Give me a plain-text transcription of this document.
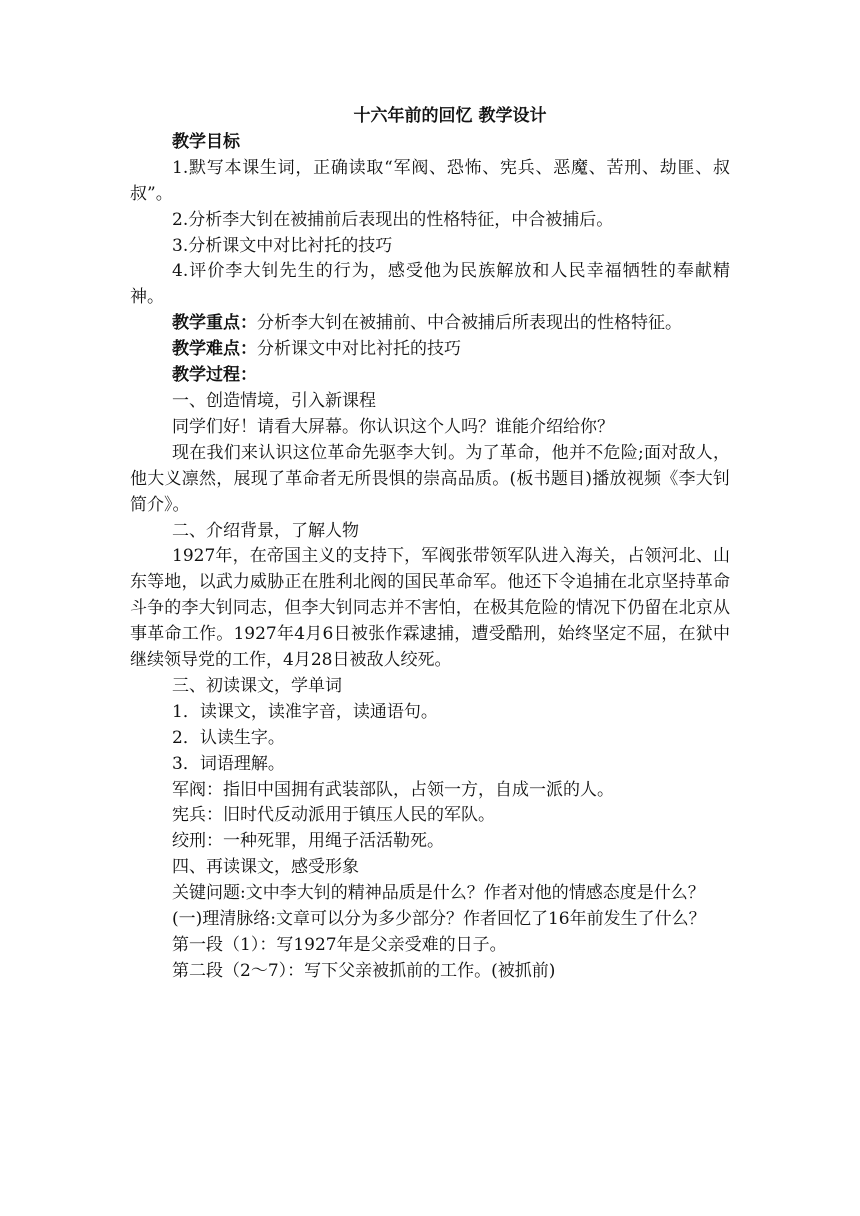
十六年前的回忆 教学设计

教学目标

1.默写本课生词，正确读取“军阀、恐怖、宪兵、恶魔、苦刑、劫匪、叔叔”。

2.分析李大钊在被捕前后表现出的性格特征，中合被捕后。

3.分析课文中对比衬托的技巧

4.评价李大钊先生的行为，感受他为民族解放和人民幸福牺牲的奉献精神。

教学重点：分析李大钊在被捕前、中合被捕后所表现出的性格特征。

教学难点：分析课文中对比衬托的技巧

教学过程：

一、创造情境，引入新课程

同学们好！请看大屏幕。你认识这个人吗？谁能介绍给你？

现在我们来认识这位革命先驱李大钊。为了革命，他并不危险;面对敌人，他大义凛然，展现了革命者无所畏惧的崇高品质。(板书题目)播放视频《李大钊简介》。

二、介绍背景，了解人物

1927年，在帝国主义的支持下，军阀张带领军队进入海关，占领河北、山东等地，以武力威胁正在胜利北阀的国民革命军。他还下令追捕在北京坚持革命斗争的李大钊同志，但李大钊同志并不害怕，在极其危险的情况下仍留在北京从事革命工作。1927年4月6日被张作霖逮捕，遭受酷刑，始终坚定不屈，在狱中继续领导党的工作，4月28日被敌人绞死。

三、初读课文，学单词

1．读课文，读准字音，读通语句。

2．认读生字。

3．词语理解。

军阀：指旧中国拥有武装部队，占领一方，自成一派的人。

宪兵：旧时代反动派用于镇压人民的军队。

绞刑：一种死罪，用绳子活活勒死。

四、再读课文，感受形象

关键问题:文中李大钊的精神品质是什么？作者对他的情感态度是什么？

(一)理清脉络:文章可以分为多少部分？作者回忆了16年前发生了什么？

第一段（1）：写1927年是父亲受难的日子。

第二段（2～7）：写下父亲被抓前的工作。(被抓前)
